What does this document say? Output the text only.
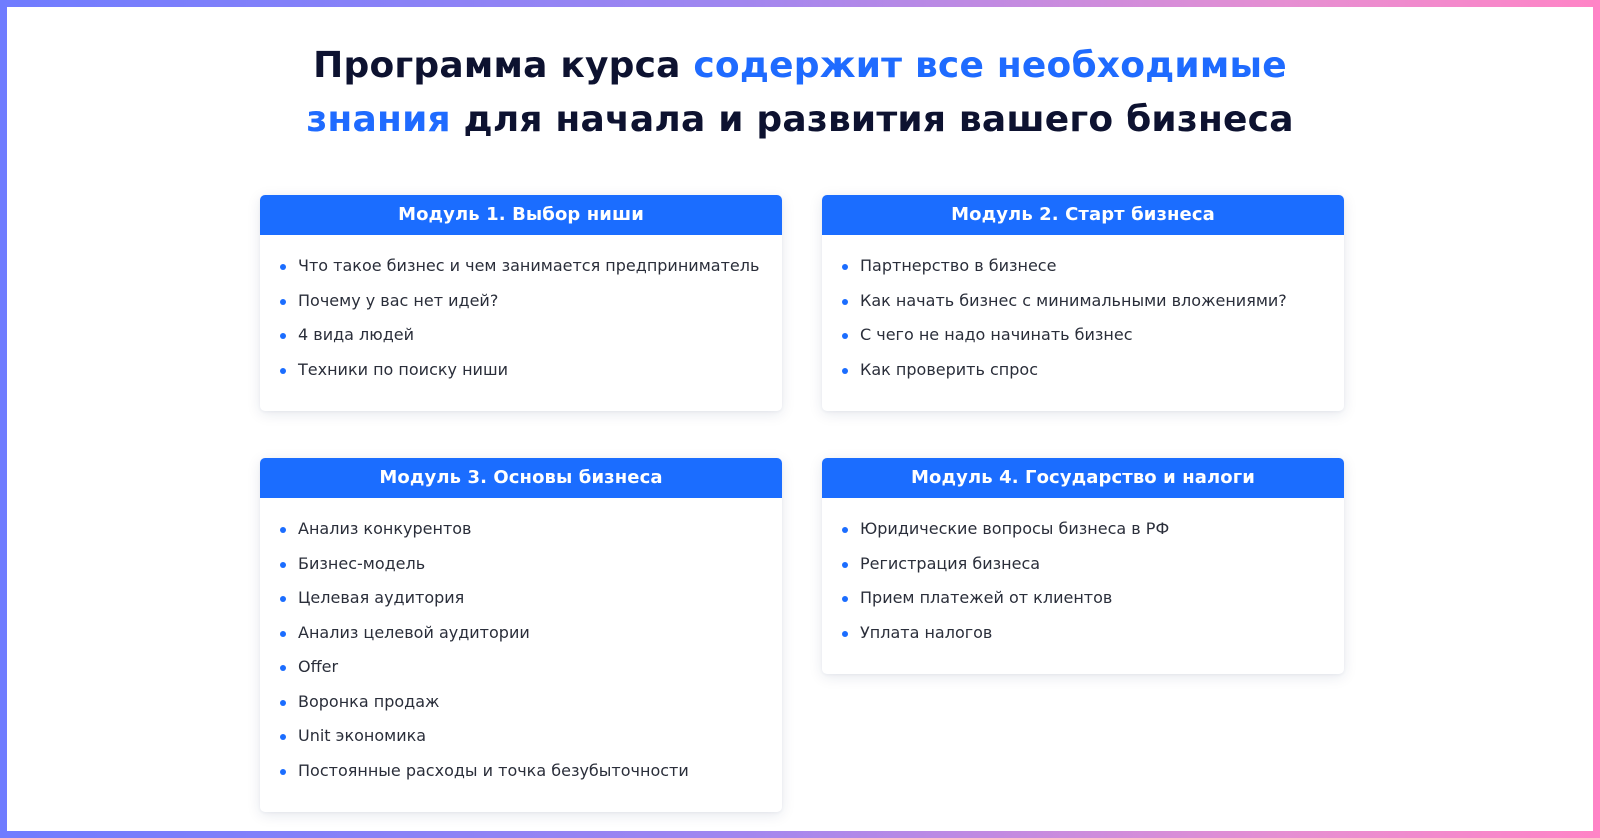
Программа курса содержит все необходимые
знания для начала и развития вашего бизнеса
Модуль 1. Выбор ниши
Что такое бизнес и чем занимается предприниматель
Почему у вас нет идей?
4 вида людей
Техники по поиску ниши
Модуль 2. Старт бизнеса
Партнерство в бизнесе
Как начать бизнес с минимальными вложениями?
С чего не надо начинать бизнес
Как проверить спрос
Модуль 3. Основы бизнеса
Анализ конкурентов
Бизнес-модель
Целевая аудитория
Анализ целевой аудитории
Offer
Воронка продаж
Unit экономика
Постоянные расходы и точка безубыточности
Модуль 4. Государство и налоги
Юридические вопросы бизнеса в РФ
Регистрация бизнеса
Прием платежей от клиентов
Уплата налогов
